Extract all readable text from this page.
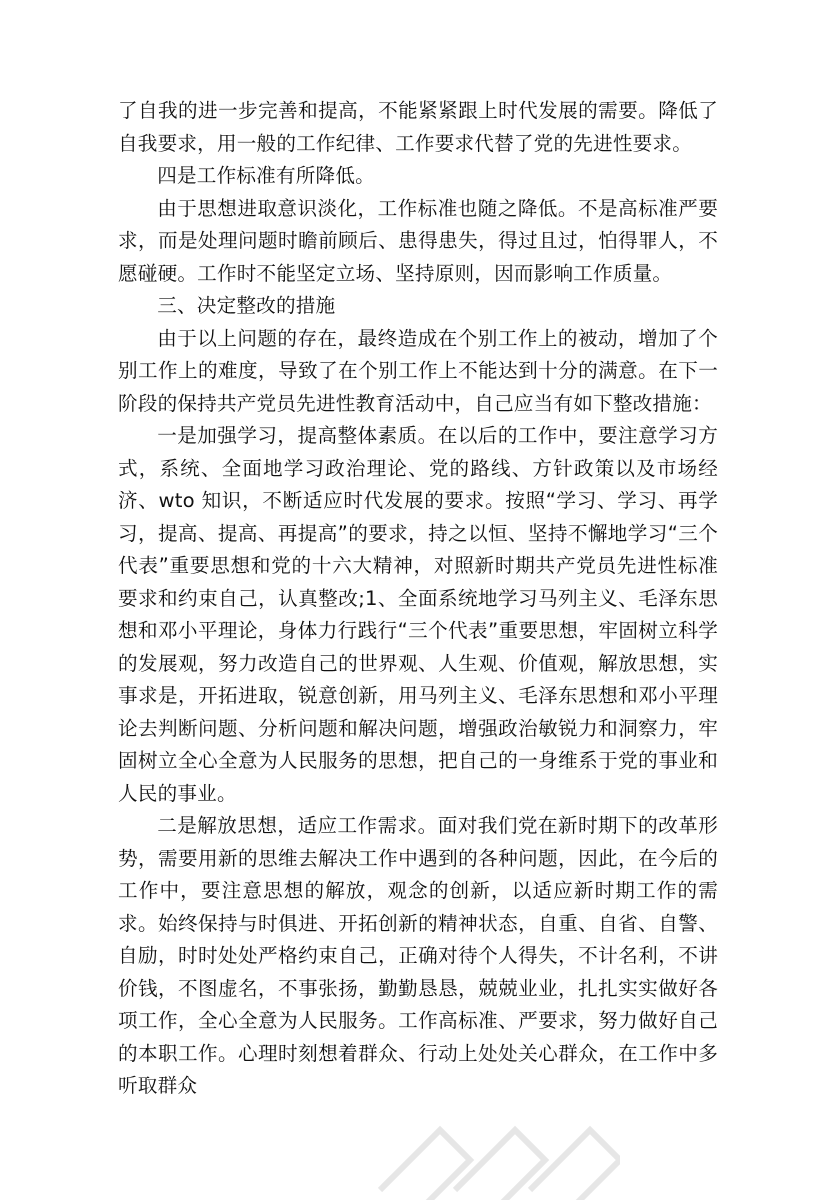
了自我的进一步完善和提高，不能紧紧跟上时代发展的需要。降低了自我要求，用一般的工作纪律、工作要求代替了党的先进性要求。

四是工作标准有所降低。

由于思想进取意识淡化，工作标准也随之降低。不是高标准严要求，而是处理问题时瞻前顾后、患得患失，得过且过，怕得罪人，不愿碰硬。工作时不能坚定立场、坚持原则，因而影响工作质量。

三、决定整改的措施

由于以上问题的存在，最终造成在个别工作上的被动，增加了个别工作上的难度，导致了在个别工作上不能达到十分的满意。在下一阶段的保持共产党员先进性教育活动中，自己应当有如下整改措施：

一是加强学习，提高整体素质。在以后的工作中，要注意学习方式，系统、全面地学习政治理论、党的路线、方针政策以及市场经济、wto 知识，不断适应时代发展的要求。按照“学习、学习、再学习，提高、提高、再提高”的要求，持之以恒、坚持不懈地学习“三个代表”重要思想和党的十六大精神，对照新时期共产党员先进性标准要求和约束自己，认真整改;1、全面系统地学习马列主义、毛泽东思想和邓小平理论，身体力行践行“三个代表”重要思想，牢固树立科学的发展观，努力改造自己的世界观、人生观、价值观，解放思想，实事求是，开拓进取，锐意创新，用马列主义、毛泽东思想和邓小平理论去判断问题、分析问题和解决问题，增强政治敏锐力和洞察力，牢固树立全心全意为人民服务的思想，把自己的一身维系于党的事业和人民的事业。

二是解放思想，适应工作需求。面对我们党在新时期下的改革形势，需要用新的思维去解决工作中遇到的各种问题，因此，在今后的工作中，要注意思想的解放，观念的创新，以适应新时期工作的需求。始终保持与时俱进、开拓创新的精神状态，自重、自省、自警、自励，时时处处严格约束自己，正确对待个人得失，不计名利，不讲价钱，不图虚名，不事张扬，勤勤恳恳，兢兢业业，扎扎实实做好各项工作，全心全意为人民服务。工作高标准、严要求，努力做好自己的本职工作。心理时刻想着群众、行动上处处关心群众，在工作中多听取群众
